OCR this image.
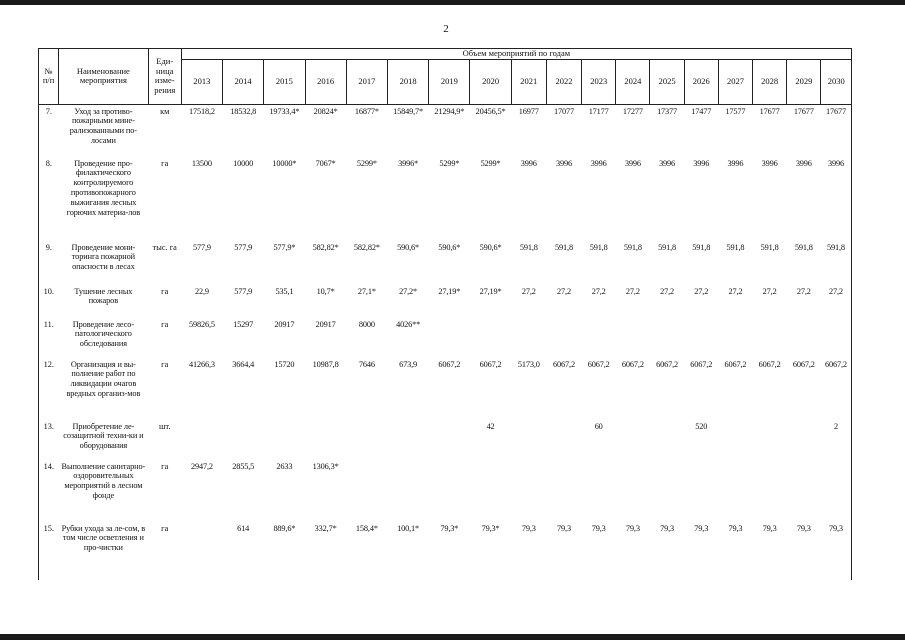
2
№ п/п	Наименование мероприятия	Еди-ница изме-рения	Объем мероприятий по годам																	
			2013	2014	2015	2016	2017	2018	2019	2020	2021	2022	2023	2024	2025	2026	2027	2028	2029	2030

7.	Уход за противо-пожарными мине-рализованными по-лосами	км	17518,2	18532,8	19733,4*	20824*	16877*	15849,7*	21294,9*	20456,5*	16977	17077	17177	17277	17377	17477	17577	17677	17677	17677
8.	Проведение про-филактического контролируемого противопожарного выжигания лесных горючих материа-лов	га	13500	10000	10000*	7067*	5299*	3996*	5299*	5299*	3996	3996	3996	3996	3996	3996	3996	3996	3996	3996
9.	Проведение мони-торинга пожарной опасности в лесах	тыс. га	577,9	577,9	577,9*	582,82*	582,82*	590,6*	590,6*	590,6*	591,8	591,8	591,8	591,8	591,8	591,8	591,8	591,8	591,8	591,8
10.	Тушение лесных пожаров	га	22,9	577,9	535,1	10,7*	27,1*	27,2*	27,19*	27,19*	27,2	27,2	27,2	27,2	27,2	27,2	27,2	27,2	27,2	27,2
11.	Проведение лесо-патологического обследования	га	59826,5	15297	20917	20917	8000	4026**												
12.	Организация и вы-полнение работ по ликвидации очагов вредных организ-мов	га	41266,3	3664,4	15720	10987,8	7646	673,9	6067,2	6067,2	5173,0	6067,2	6067,2	6067,2	6067,2	6067,2	6067,2	6067,2	6067,2	6067,2
13.	Приобретение ле-созащитной техни-ки и оборудования	шт.								42			60			520				2
14.	Выполнение санитарно-оздоровительных мероприятий в лесном фонде	га	2947,2	2855,5	2633	1306,3*														
15.	Рубки ухода за ле-сом, в том числе осветления и про-чистки	га		614	889,6*	332,7*	158,4*	100,1*	79,3*	79,3*	79,3	79,3	79,3	79,3	79,3	79,3	79,3	79,3	79,3	79,3
